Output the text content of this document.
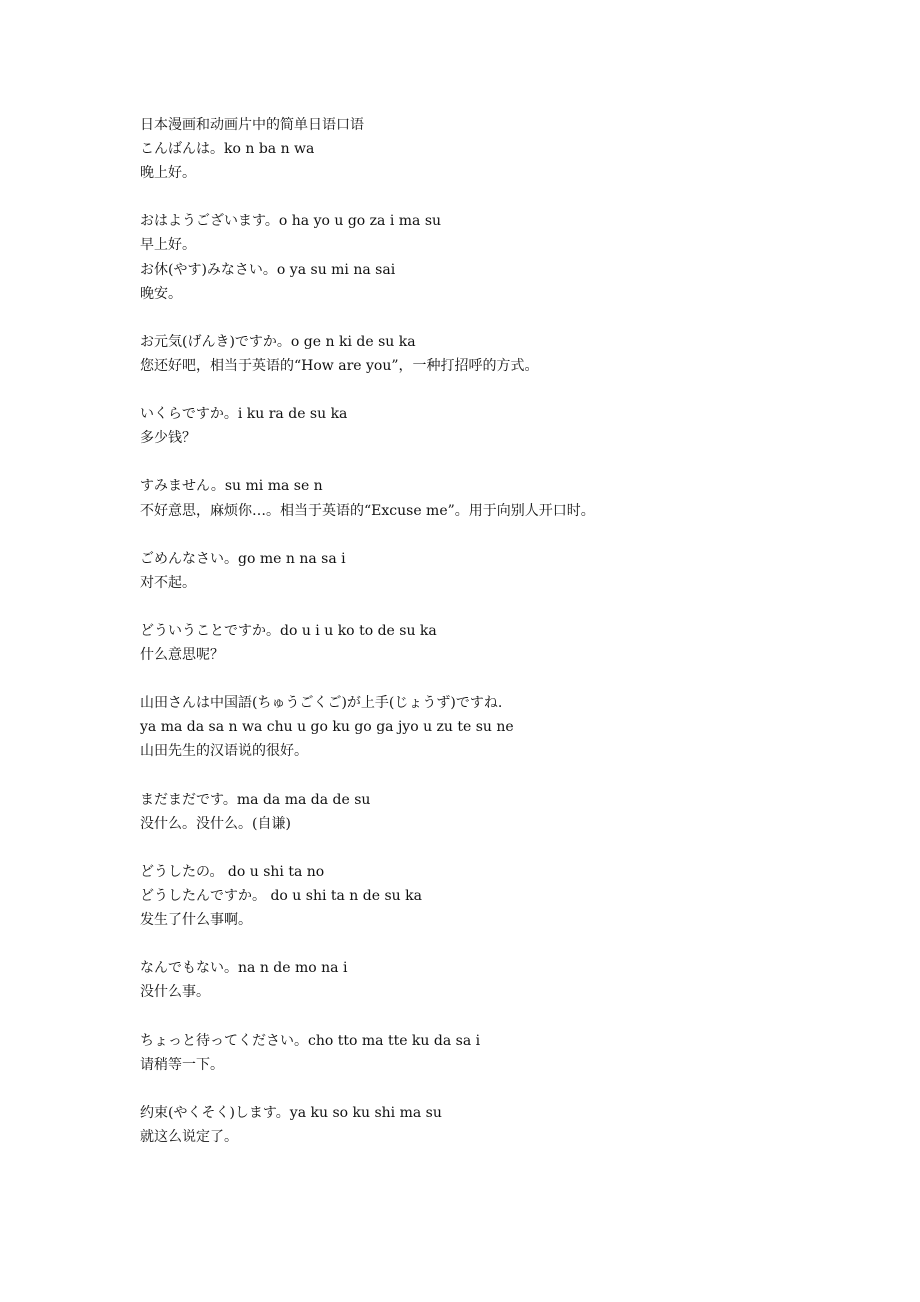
日本漫画和动画片中的简单日语口语
こんばんは。ko n ba n wa
晚上好。
おはようございます。o ha yo u go za i ma su
早上好。
お休(やす)みなさい。o ya su mi na sai
晚安。
お元気(げんき)ですか。o ge n ki de su ka
您还好吧，相当于英语的“How are you”，一种打招呼的方式。
いくらですか。i ku ra de su ka
多少钱？
すみません。su mi ma se n
不好意思，麻烦你…。相当于英语的“Excuse me”。用于向别人开口时。
ごめんなさい。go me n na sa i
对不起。
どういうことですか。do u i u ko to de su ka
什么意思呢？
山田さんは中国語(ちゅうごくご)が上手(じょうず)ですね.
ya ma da sa n wa chu u go ku go ga jyo u zu te su ne
山田先生的汉语说的很好。
まだまだです。ma da ma da de su
没什么。没什么。(自谦)
どうしたの。 do u shi ta no
どうしたんですか。 do u shi ta n de su ka
发生了什么事啊。
なんでもない。na n de mo na i
没什么事。
ちょっと待ってください。cho tto ma tte ku da sa i
请稍等一下。
约束(やくそく)します。ya ku so ku shi ma su
就这么说定了。
